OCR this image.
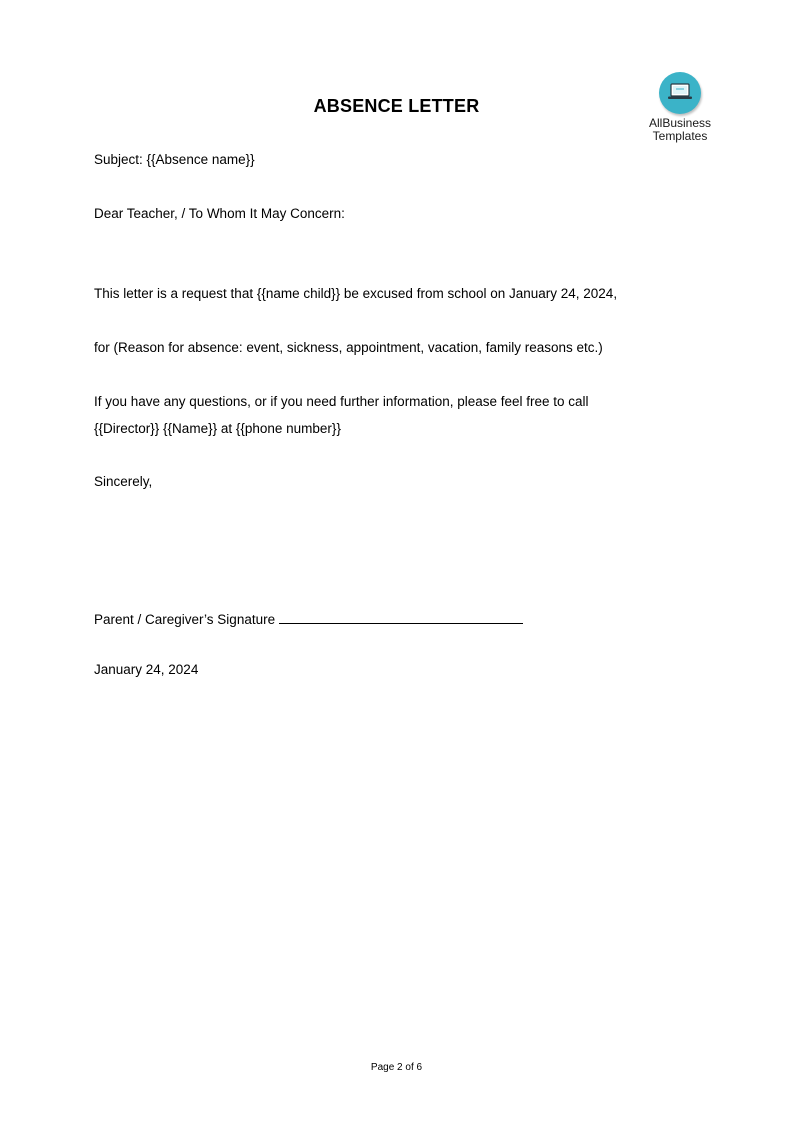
AllBusiness
Templates
ABSENCE LETTER
Subject: {{Absence name}}
Dear Teacher, / To Whom It May Concern:
This letter is a request that {{name child}} be excused from school on January 24, 2024,
for (Reason for absence: event, sickness, appointment, vacation, family reasons etc.)
If you have any questions, or if you need further information, please feel free to call
{{Director}} {{Name}} at {{phone number}}
Sincerely,
Parent / Caregiver’s Signature
January 24, 2024
Page 2 of 6
